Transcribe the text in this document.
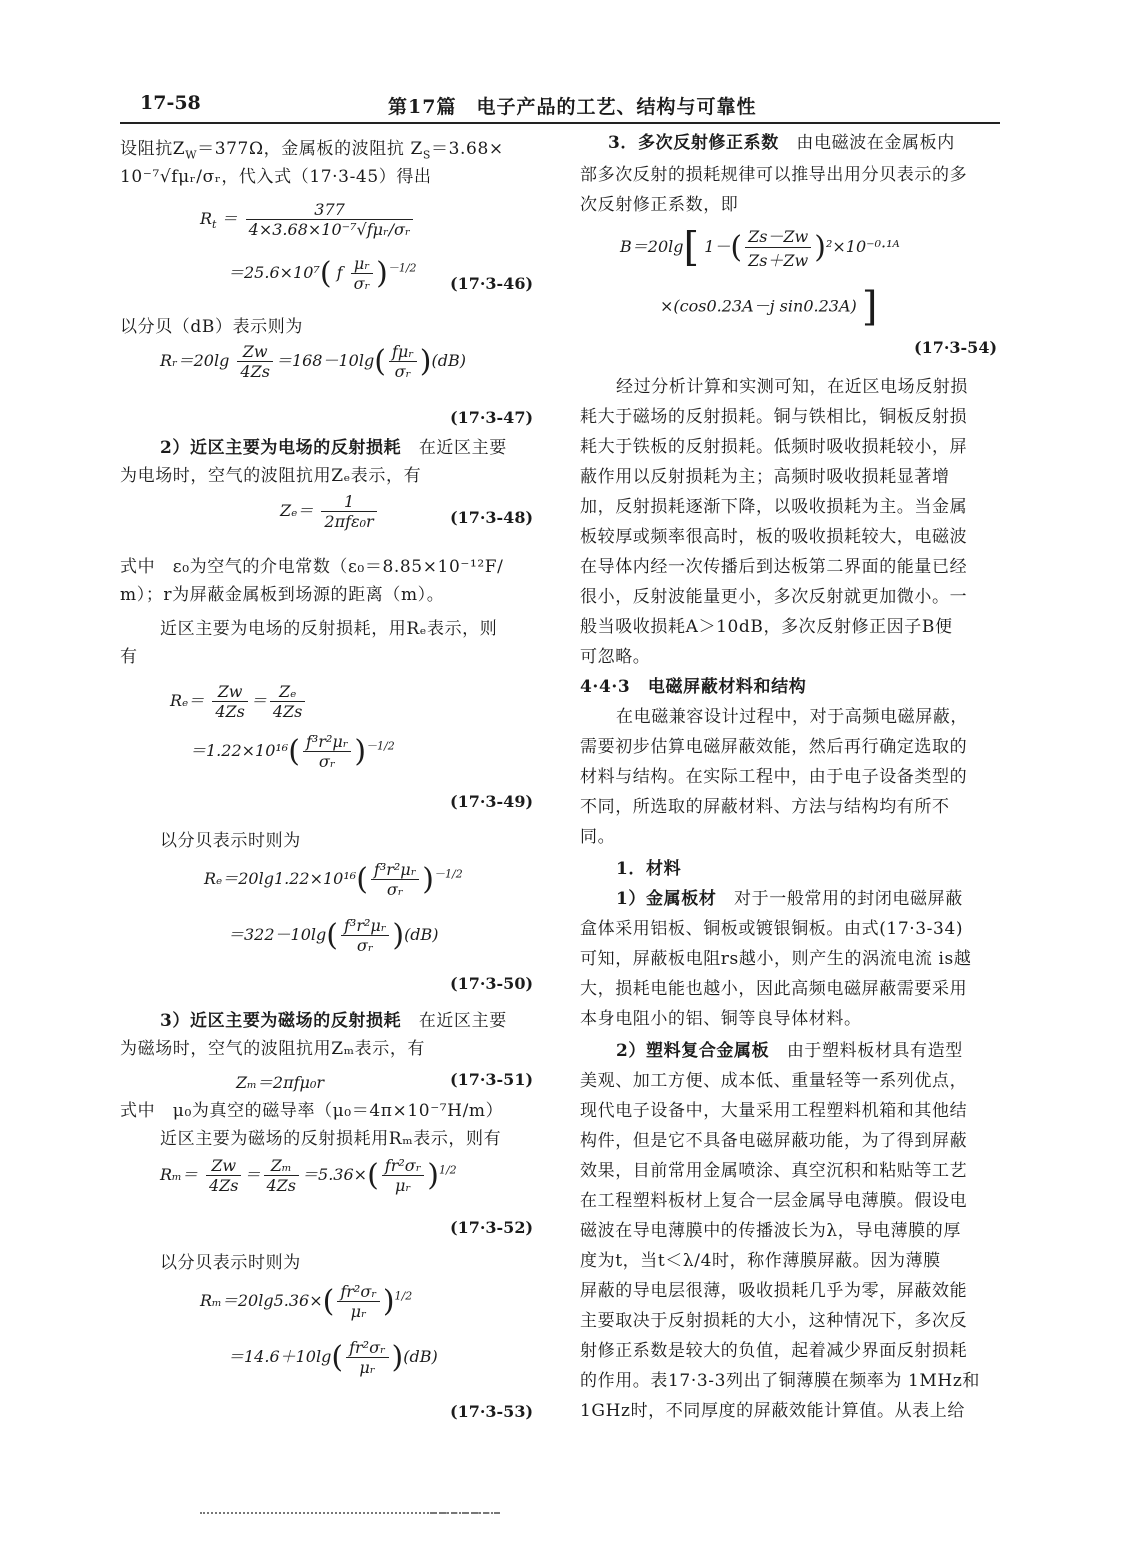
17-58	第17篇　电子产品的工艺、结构与可靠性
设阻抗$Z_W=377\Omega$，金属板的波阻抗 $Z_S=3.68\times$
10⁻⁷√fμᵣ/σᵣ，代入式（17·3-45）得出
$R_t = \frac{377}{\text{4×3.68×10⁻⁷√fμᵣ/σᵣ}}$
＝25.6×10⁷( f $\frac{\text{μᵣ}}{\text{σᵣ}} )^{-1/2}$
(17·3-46)
以分贝（dB）表示则为
Rᵣ＝20lg $\frac{Zw}{4Zs} =168-10\lg( \frac{\text{fμᵣ}}{\text{σᵣ}} )(dB)$
(17·3-47)
2）近区主要为电场的反射损耗　在近区主要
为电场时，空气的波阻抗用Zₑ表示，有
$Z_e= \frac{1}{\text{2πfε₀r}}$	(17·3-48)
式中　ε₀为空气的介电常数（ε₀＝8.85×10⁻¹²F/
m）；r为屏蔽金属板到场源的距离（m）。
近区主要为电场的反射损耗，用Rₑ表示，则
有
$R_e= \frac{Zw}{4Zs} = \frac{\text{Zₑ}}{4Zs}$
$=1.22\times 10^{16}( \frac{\text{f³r²μᵣ}}{\text{σᵣ}} )^{-1/2}$
(17·3-49)
以分贝表示时则为
$R_e=20\lg 1.22\times 10^{16}( \frac{\text{f³r²μᵣ}}{\text{σᵣ}} )^{-1/2}$
$=322-10\lg( \frac{\text{f³r²μᵣ}}{\text{σᵣ}} )(dB)$
(17·3-50)
3）近区主要为磁场的反射损耗　在近区主要
为磁场时，空气的波阻抗用Zₘ表示，有
Zₘ＝2πfμ₀r	(17·3-51)
式中　μ₀为真空的磁导率（μ₀＝4π×10⁻⁷H/m）
近区主要为磁场的反射损耗用Rₘ表示，则有
$R_m= \frac{Zw}{4Zs} = \frac{\text{Zₘ}}{4Zs} =5.36\times( \frac{\text{fr²σᵣ}}{\text{μᵣ}} )^{1/2}$
(17·3-52)
以分贝表示时则为
$R_m=20\lg 5.36\times( \frac{\text{fr²σᵣ}}{\text{μᵣ}} )^{1/2}$
$=14.6+10\lg( \frac{\text{fr²σᵣ}}{\text{μᵣ}} )(dB)$
(17·3-53)
3．多次反射修正系数　由电磁波在金属板内
部多次反射的损耗规律可以推导出用分贝表示的多
次反射修正系数，即
B＝20lg[ $1-( \frac{Zs-Zw}{Zs+Zw}$ )²×10⁻⁰·¹ᴬ
×(cos0.23A－j sin0.23A) ]
(17·3-54)
经过分析计算和实测可知，在近区电场反射损
耗大于磁场的反射损耗。铜与铁相比，铜板反射损
耗大于铁板的反射损耗。低频时吸收损耗较小，屏
蔽作用以反射损耗为主；高频时吸收损耗显著增
加，反射损耗逐渐下降，以吸收损耗为主。当金属
板较厚或频率很高时，板的吸收损耗较大，电磁波
在导体内经一次传播后到达板第二界面的能量已经
很小，反射波能量更小，多次反射就更加微小。一
般当吸收损耗A＞10dB，多次反射修正因子B便
可忽略。
4·4·3　电磁屏蔽材料和结构
在电磁兼容设计过程中，对于高频电磁屏蔽，
需要初步估算电磁屏蔽效能，然后再行确定选取的
材料与结构。在实际工程中，由于电子设备类型的
不同，所选取的屏蔽材料、方法与结构均有所不
同。
1．材料
1）金属板材　对于一般常用的封闭电磁屏蔽
盒体采用铝板、铜板或镀银铜板。由式(17·3-34)
可知，屏蔽板电阻rs越小，则产生的涡流电流 is越
大，损耗电能也越小，因此高频电磁屏蔽需要采用
本身电阻小的铝、铜等良导体材料。
2）塑料复合金属板　由于塑料板材具有造型
美观、加工方便、成本低、重量轻等一系列优点，
现代电子设备中，大量采用工程塑料机箱和其他结
构件，但是它不具备电磁屏蔽功能，为了得到屏蔽
效果，目前常用金属喷涂、真空沉积和粘贴等工艺
在工程塑料板材上复合一层金属导电薄膜。假设电
磁波在导电薄膜中的传播波长为λ，导电薄膜的厚
度为t，当t＜λ/4时，称作薄膜屏蔽。因为薄膜
屏蔽的导电层很薄，吸收损耗几乎为零，屏蔽效能
主要取决于反射损耗的大小，这种情况下，多次反
射修正系数是较大的负值，起着减少界面反射损耗
的作用。表17·3-3列出了铜薄膜在频率为 1MHz和
1GHz时，不同厚度的屏蔽效能计算值。从表上给
